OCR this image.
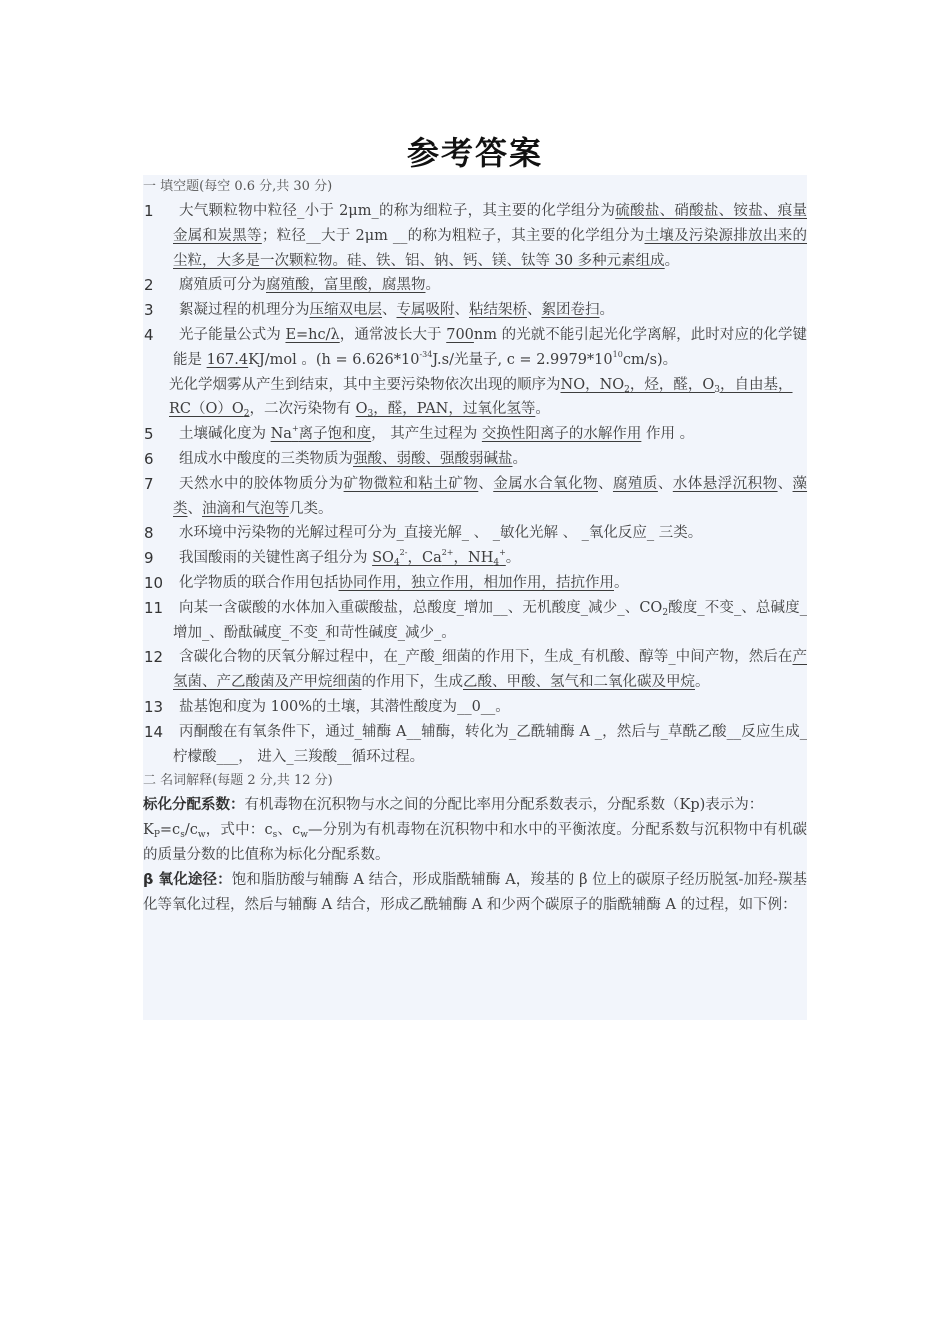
参考答案
一 填空题(每空 0.6 分,共 30 分)
1	大气颗粒物中粒径_小于 2μm_的称为细粒子，其主要的化学组分为硫酸盐、硝酸盐、铵盐、痕量金属和炭黑等；粒径__大于 2μm __的称为粗粒子，其主要的化学组分为土壤及污染源排放出来的尘粒，大多是一次颗粒物。硅、铁、铝、钠、钙、镁、钛等 30 多种元素组成。
2	腐殖质可分为腐殖酸，富里酸，腐黑物。
3	絮凝过程的机理分为压缩双电层、专属吸附、粘结架桥、絮团卷扫。
4	光子能量公式为 E=hc/λ，通常波长大于 700nm 的光就不能引起光化学离解，此时对应的化学键能是 167.4KJ/mol 。($h = 6.626*10^{-34}J.s/$光量子, $c = 2.9979*10^{10}cm/s$)。
光化学烟雾从产生到结束，其中主要污染物依次出现的顺序为NO，$NO_2$，烃，醛，$O_3$，自由基，$RC(O)O_2$，二次污染物有 $O_3$，醛，PAN，过氧化氢等。
5	土壤碱化度为 Na+离子饱和度， 其产生过程为 交换性阳离子的水解作用 作用 。
6	组成水中酸度的三类物质为强酸、弱酸、强酸弱碱盐。
7	天然水中的胶体物质分为矿物微粒和粘土矿物、金属水合氧化物、腐殖质、水体悬浮沉积物、藻类、油滴和气泡等几类。
8	水环境中污染物的光解过程可分为_直接光解_ 、 _敏化光解 、 _氧化反应_ 三类。
9	我国酸雨的关键性离子组分为 $SO_4^{2-}$，$Ca^{2+}$，$NH_4^+$。
10	化学物质的联合作用包括协同作用，独立作用，相加作用，拮抗作用。
11	向某一含碳酸的水体加入重碳酸盐，总酸度_增加__、无机酸度_减少_、$CO_2$酸度_不变_、总碱度_增加_、酚酞碱度_不变_和苛性碱度_减少_。
12	含碳化合物的厌氧分解过程中，在_产酸_细菌的作用下，生成_有机酸、醇等_中间产物，然后在产氢菌、产乙酸菌及产甲烷细菌的作用下，生成乙酸、甲酸、氢气和二氧化碳及甲烷。
13	盐基饱和度为 100%的土壤，其潜性酸度为__0__。
14	丙酮酸在有氧条件下，通过_辅酶 A__辅酶，转化为_乙酰辅酶 A _，然后与_草酰乙酸__反应生成_柠檬酸___， 进入_三羧酸__循环过程。
二 名词解释(每题 2 分,共 12 分)
标化分配系数：有机毒物在沉积物与水之间的分配比率用分配系数表示，分配系数（Kp)表示为：
$K_P=c_s/c_w$，式中：$c_s$、$c_w—$分别为有机毒物在沉积物中和水中的平衡浓度。分配系数与沉积物中有机碳的质量分数的比值称为标化分配系数。
β 氧化途径：饱和脂肪酸与辅酶 A 结合，形成脂酰辅酶 A，羧基的 β 位上的碳原子经历脱氢-加羟-羰基化等氧化过程，然后与辅酶 A 结合，形成乙酰辅酶 A 和少两个碳原子的脂酰辅酶 A 的过程，如下例：
